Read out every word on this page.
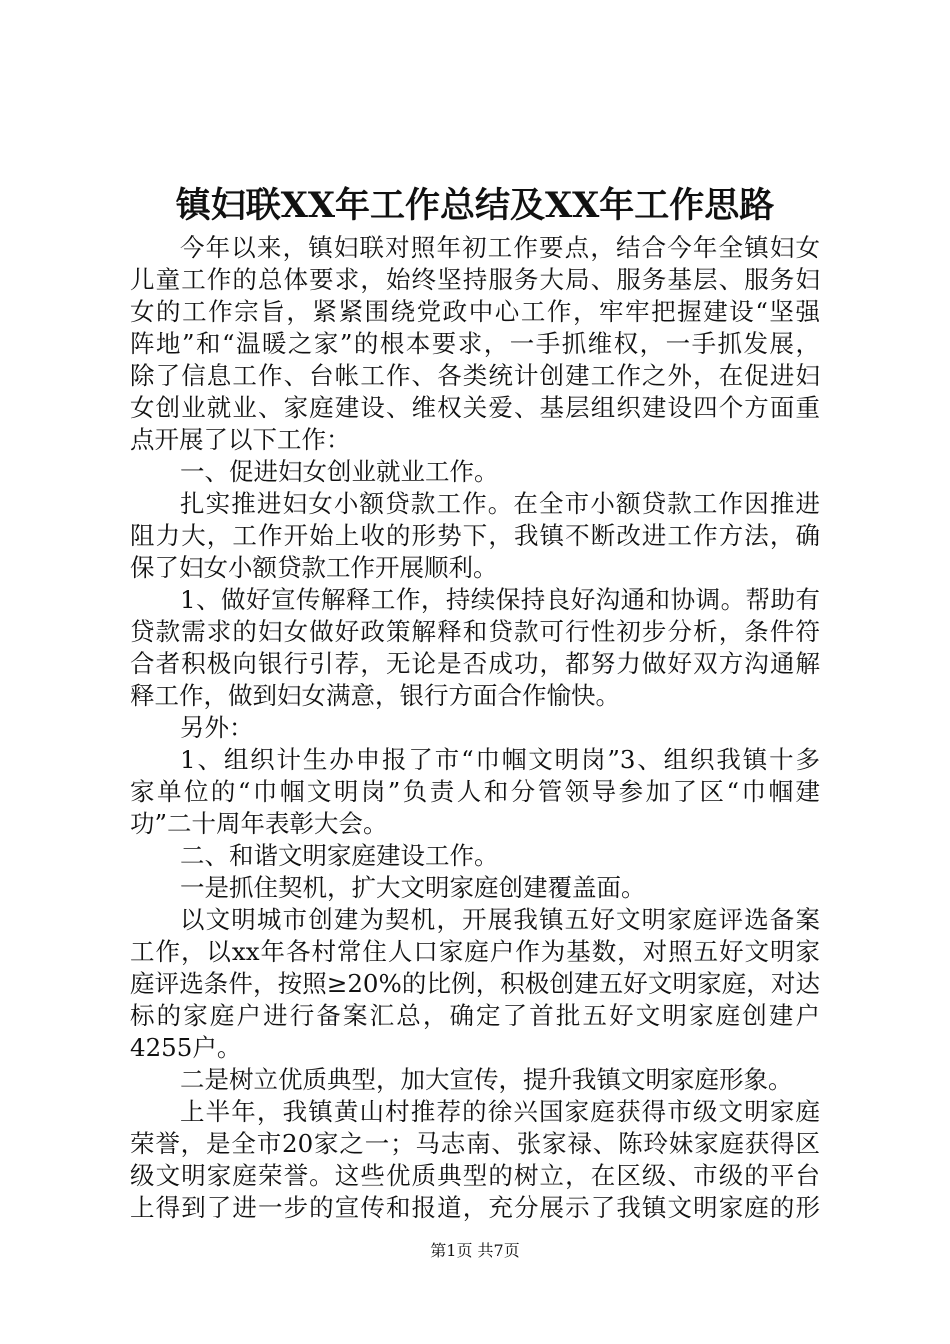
镇妇联XX年工作总结及XX年工作思路

今年以来，镇妇联对照年初工作要点，结合今年全镇妇女

儿童工作的总体要求，始终坚持服务大局、服务基层、服务妇

女的工作宗旨，紧紧围绕党政中心工作，牢牢把握建设“坚强

阵地”和“温暖之家”的根本要求，一手抓维权，一手抓发展，

除了信息工作、台帐工作、各类统计创建工作之外，在促进妇

女创业就业、家庭建设、维权关爱、基层组织建设四个方面重

点开展了以下工作：

一、促进妇女创业就业工作。

扎实推进妇女小额贷款工作。在全市小额贷款工作因推进

阻力大，工作开始上收的形势下，我镇不断改进工作方法，确

保了妇女小额贷款工作开展顺利。

1、做好宣传解释工作，持续保持良好沟通和协调。帮助有

贷款需求的妇女做好政策解释和贷款可行性初步分析，条件符

合者积极向银行引荐，无论是否成功，都努力做好双方沟通解

释工作，做到妇女满意，银行方面合作愉快。

另外：

1、组织计生办申报了市“巾帼文明岗”3、组织我镇十多

家单位的“巾帼文明岗”负责人和分管领导参加了区“巾帼建

功”二十周年表彰大会。

二、和谐文明家庭建设工作。

一是抓住契机，扩大文明家庭创建覆盖面。

以文明城市创建为契机，开展我镇五好文明家庭评选备案

工作，以xx年各村常住人口家庭户作为基数，对照五好文明家

庭评选条件，按照≥20%的比例，积极创建五好文明家庭，对达

标的家庭户进行备案汇总，确定了首批五好文明家庭创建户

4255户。

二是树立优质典型，加大宣传，提升我镇文明家庭形象。

上半年，我镇黄山村推荐的徐兴国家庭获得市级文明家庭

荣誉，是全市20家之一；马志南、张家禄、陈玲妹家庭获得区

级文明家庭荣誉。这些优质典型的树立，在区级、市级的平台

上得到了进一步的宣传和报道，充分展示了我镇文明家庭的形

第1页 共7页
